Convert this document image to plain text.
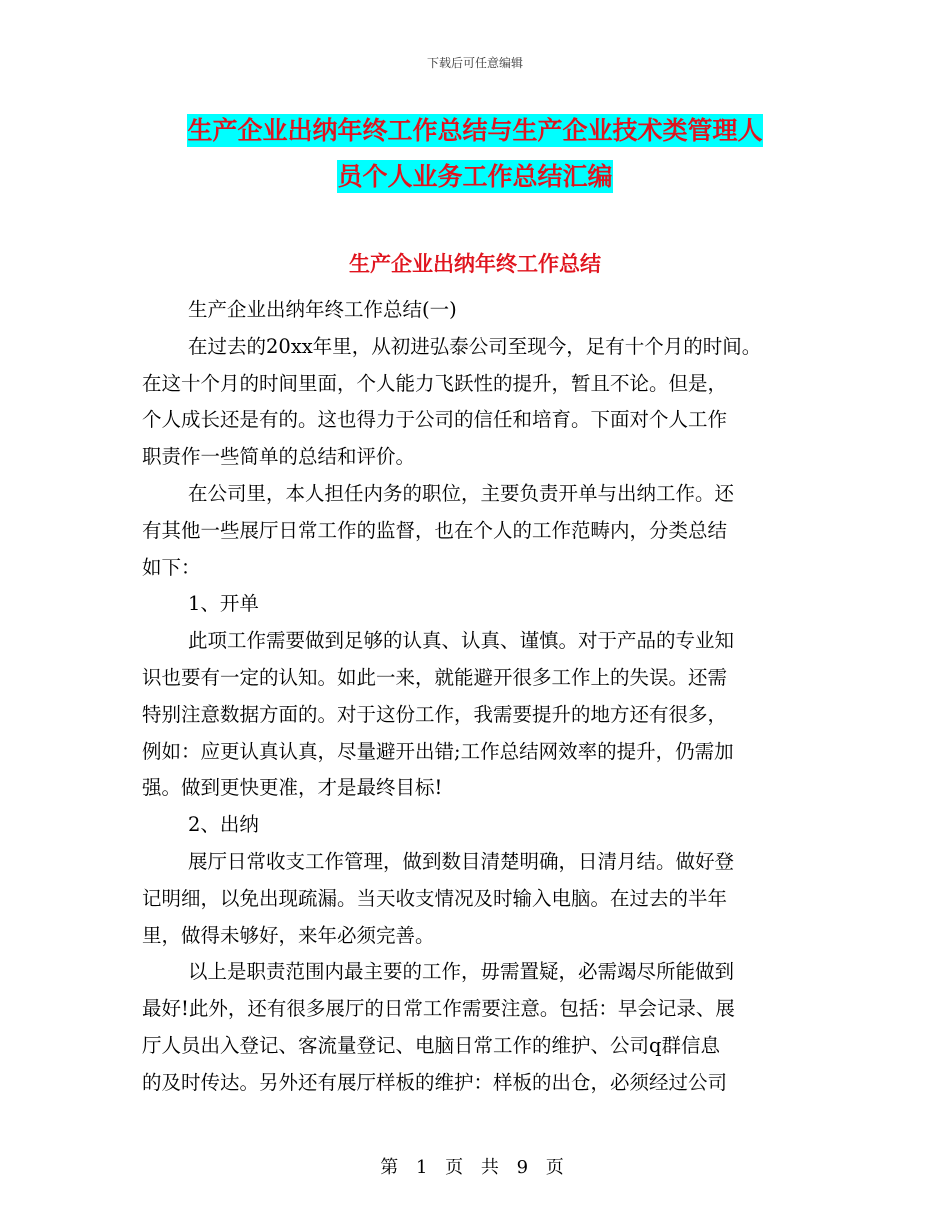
下载后可任意编辑
生产企业出纳年终工作总结与生产企业技术类管理人
员个人业务工作总结汇编
生产企业出纳年终工作总结

生产企业出纳年终工作总结(一)

在过去的20xx年里，从初进弘泰公司至现今，足有十个月的时间。

在这十个月的时间里面，个人能力飞跃性的提升，暂且不论。但是，

个人成长还是有的。这也得力于公司的信任和培育。下面对个人工作

职责作一些简单的总结和评价。

在公司里，本人担任内务的职位，主要负责开单与出纳工作。还

有其他一些展厅日常工作的监督，也在个人的工作范畴内，分类总结

如下：

1、开单

此项工作需要做到足够的认真、认真、谨慎。对于产品的专业知

识也要有一定的认知。如此一来，就能避开很多工作上的失误。还需

特别注意数据方面的。对于这份工作，我需要提升的地方还有很多，

例如：应更认真认真，尽量避开出错;工作总结网效率的提升，仍需加

强。做到更快更准，才是最终目标!

2、出纳

展厅日常收支工作管理，做到数目清楚明确，日清月结。做好登

记明细，以免出现疏漏。当天收支情况及时输入电脑。在过去的半年

里，做得未够好，来年必须完善。

以上是职责范围内最主要的工作，毋需置疑，必需竭尽所能做到

最好!此外，还有很多展厅的日常工作需要注意。包括：早会记录、展

厅人员出入登记、客流量登记、电脑日常工作的维护、公司q群信息

的及时传达。另外还有展厅样板的维护：样板的出仓，必须经过公司

第 1 页 共 9 页
